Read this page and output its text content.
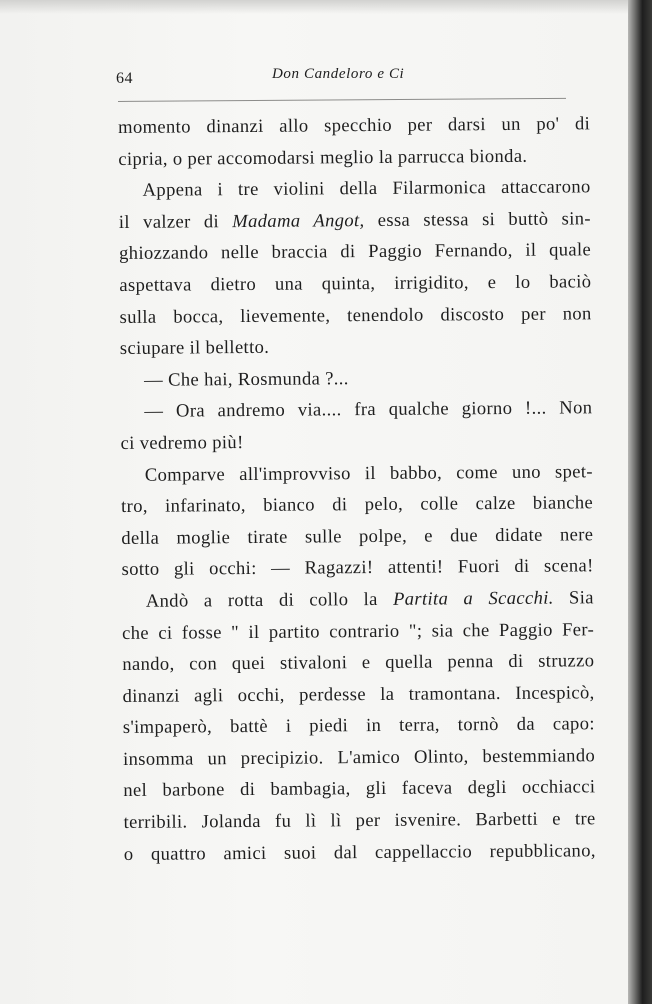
64	Don Candeloro e Ci
momento dinanzi allo specchio per darsi un po' di
cipria, o per accomodarsi meglio la parrucca bionda.
Appena i tre violini della Filarmonica attaccarono
il valzer di Madama Angot, essa stessa si buttò sin-
ghiozzando nelle braccia di Paggio Fernando, il quale
aspettava dietro una quinta, irrigidito, e lo baciò
sulla bocca, lievemente, tenendolo discosto per non
sciupare il belletto.
— Che hai, Rosmunda ?...
— Ora andremo via.... fra qualche giorno !... Non
ci vedremo più!
Comparve all'improvviso il babbo, come uno spet-
tro, infarinato, bianco di pelo, colle calze bianche
della moglie tirate sulle polpe, e due didate nere
sotto gli occhi: — Ragazzi! attenti! Fuori di scena!
Andò a rotta di collo la Partita a Scacchi. Sia
che ci fosse " il partito contrario "; sia che Paggio Fer-
nando, con quei stivaloni e quella penna di struzzo
dinanzi agli occhi, perdesse la tramontana. Incespicò,
s'impaperò, battè i piedi in terra, tornò da capo:
insomma un precipizio. L'amico Olinto, bestemmiando
nel barbone di bambagia, gli faceva degli occhiacci
terribili. Jolanda fu lì lì per isvenire. Barbetti e tre
o quattro amici suoi dal cappellaccio repubblicano,
